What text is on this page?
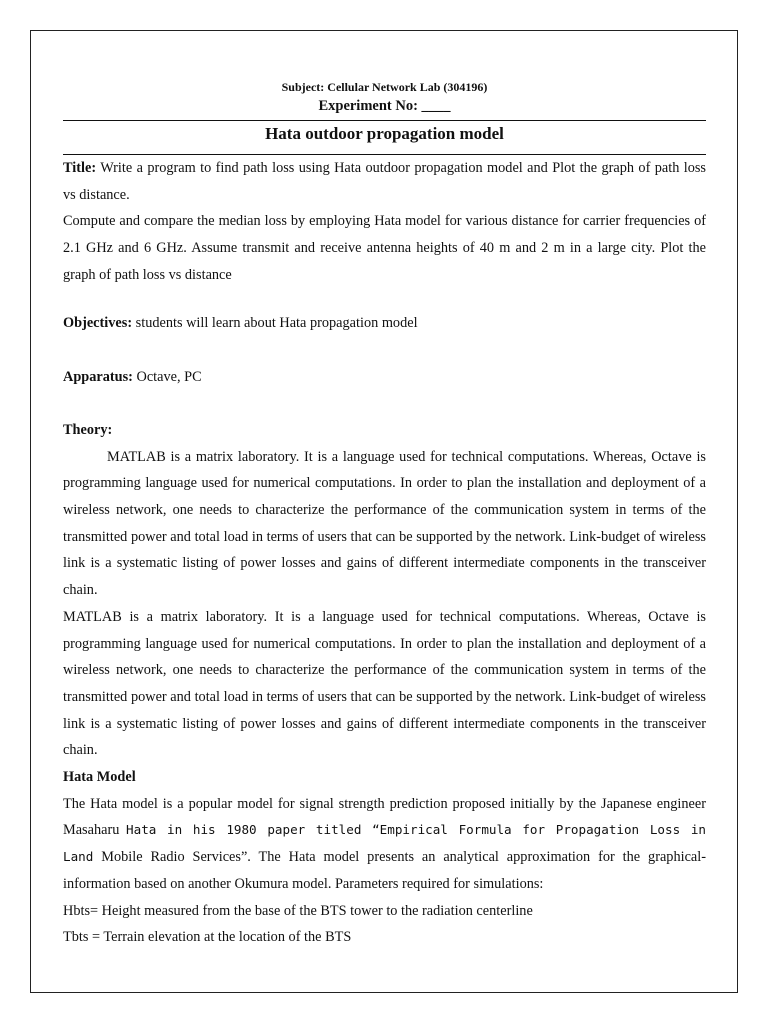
Subject: Cellular Network Lab (304196)
Experiment No: ____
Hata outdoor propagation model

Title: Write a program to find path loss using Hata outdoor propagation model and Plot the graph of path loss vs distance.

Compute and compare the median loss by employing Hata model for various distance for carrier frequencies of 2.1 GHz and 6 GHz. Assume transmit and receive antenna heights of 40 m and 2 m in a large city. Plot the graph of path loss vs distance

Objectives: students will learn about Hata propagation model

Apparatus: Octave, PC

Theory:

MATLAB is a matrix laboratory. It is a language used for technical computations. Whereas, Octave is programming language used for numerical computations. In order to plan the installation and deployment of a wireless network, one needs to characterize the performance of the communication system in terms of the transmitted power and total load in terms of users that can be supported by the network. Link-budget of wireless link is a systematic listing of power losses and gains of different intermediate components in the transceiver chain.

MATLAB is a matrix laboratory. It is a language used for technical computations. Whereas, Octave is programming language used for numerical computations. In order to plan the installation and deployment of a wireless network, one needs to characterize the performance of the communication system in terms of the transmitted power and total load in terms of users that can be supported by the network. Link-budget of wireless link is a systematic listing of power losses and gains of different intermediate components in the transceiver chain.

Hata Model

The Hata model is a popular model for signal strength prediction proposed initially by the Japanese engineer Masaharu Hata in his 1980 paper titled “Empirical Formula for Propagation Loss in Land Mobile Radio Services”. The Hata model presents an analytical approximation for the graphical-information based on another Okumura model. Parameters required for simulations:

Hbts= Height measured from the base of the BTS tower to the radiation centerline

Tbts = Terrain elevation at the location of the BTS
